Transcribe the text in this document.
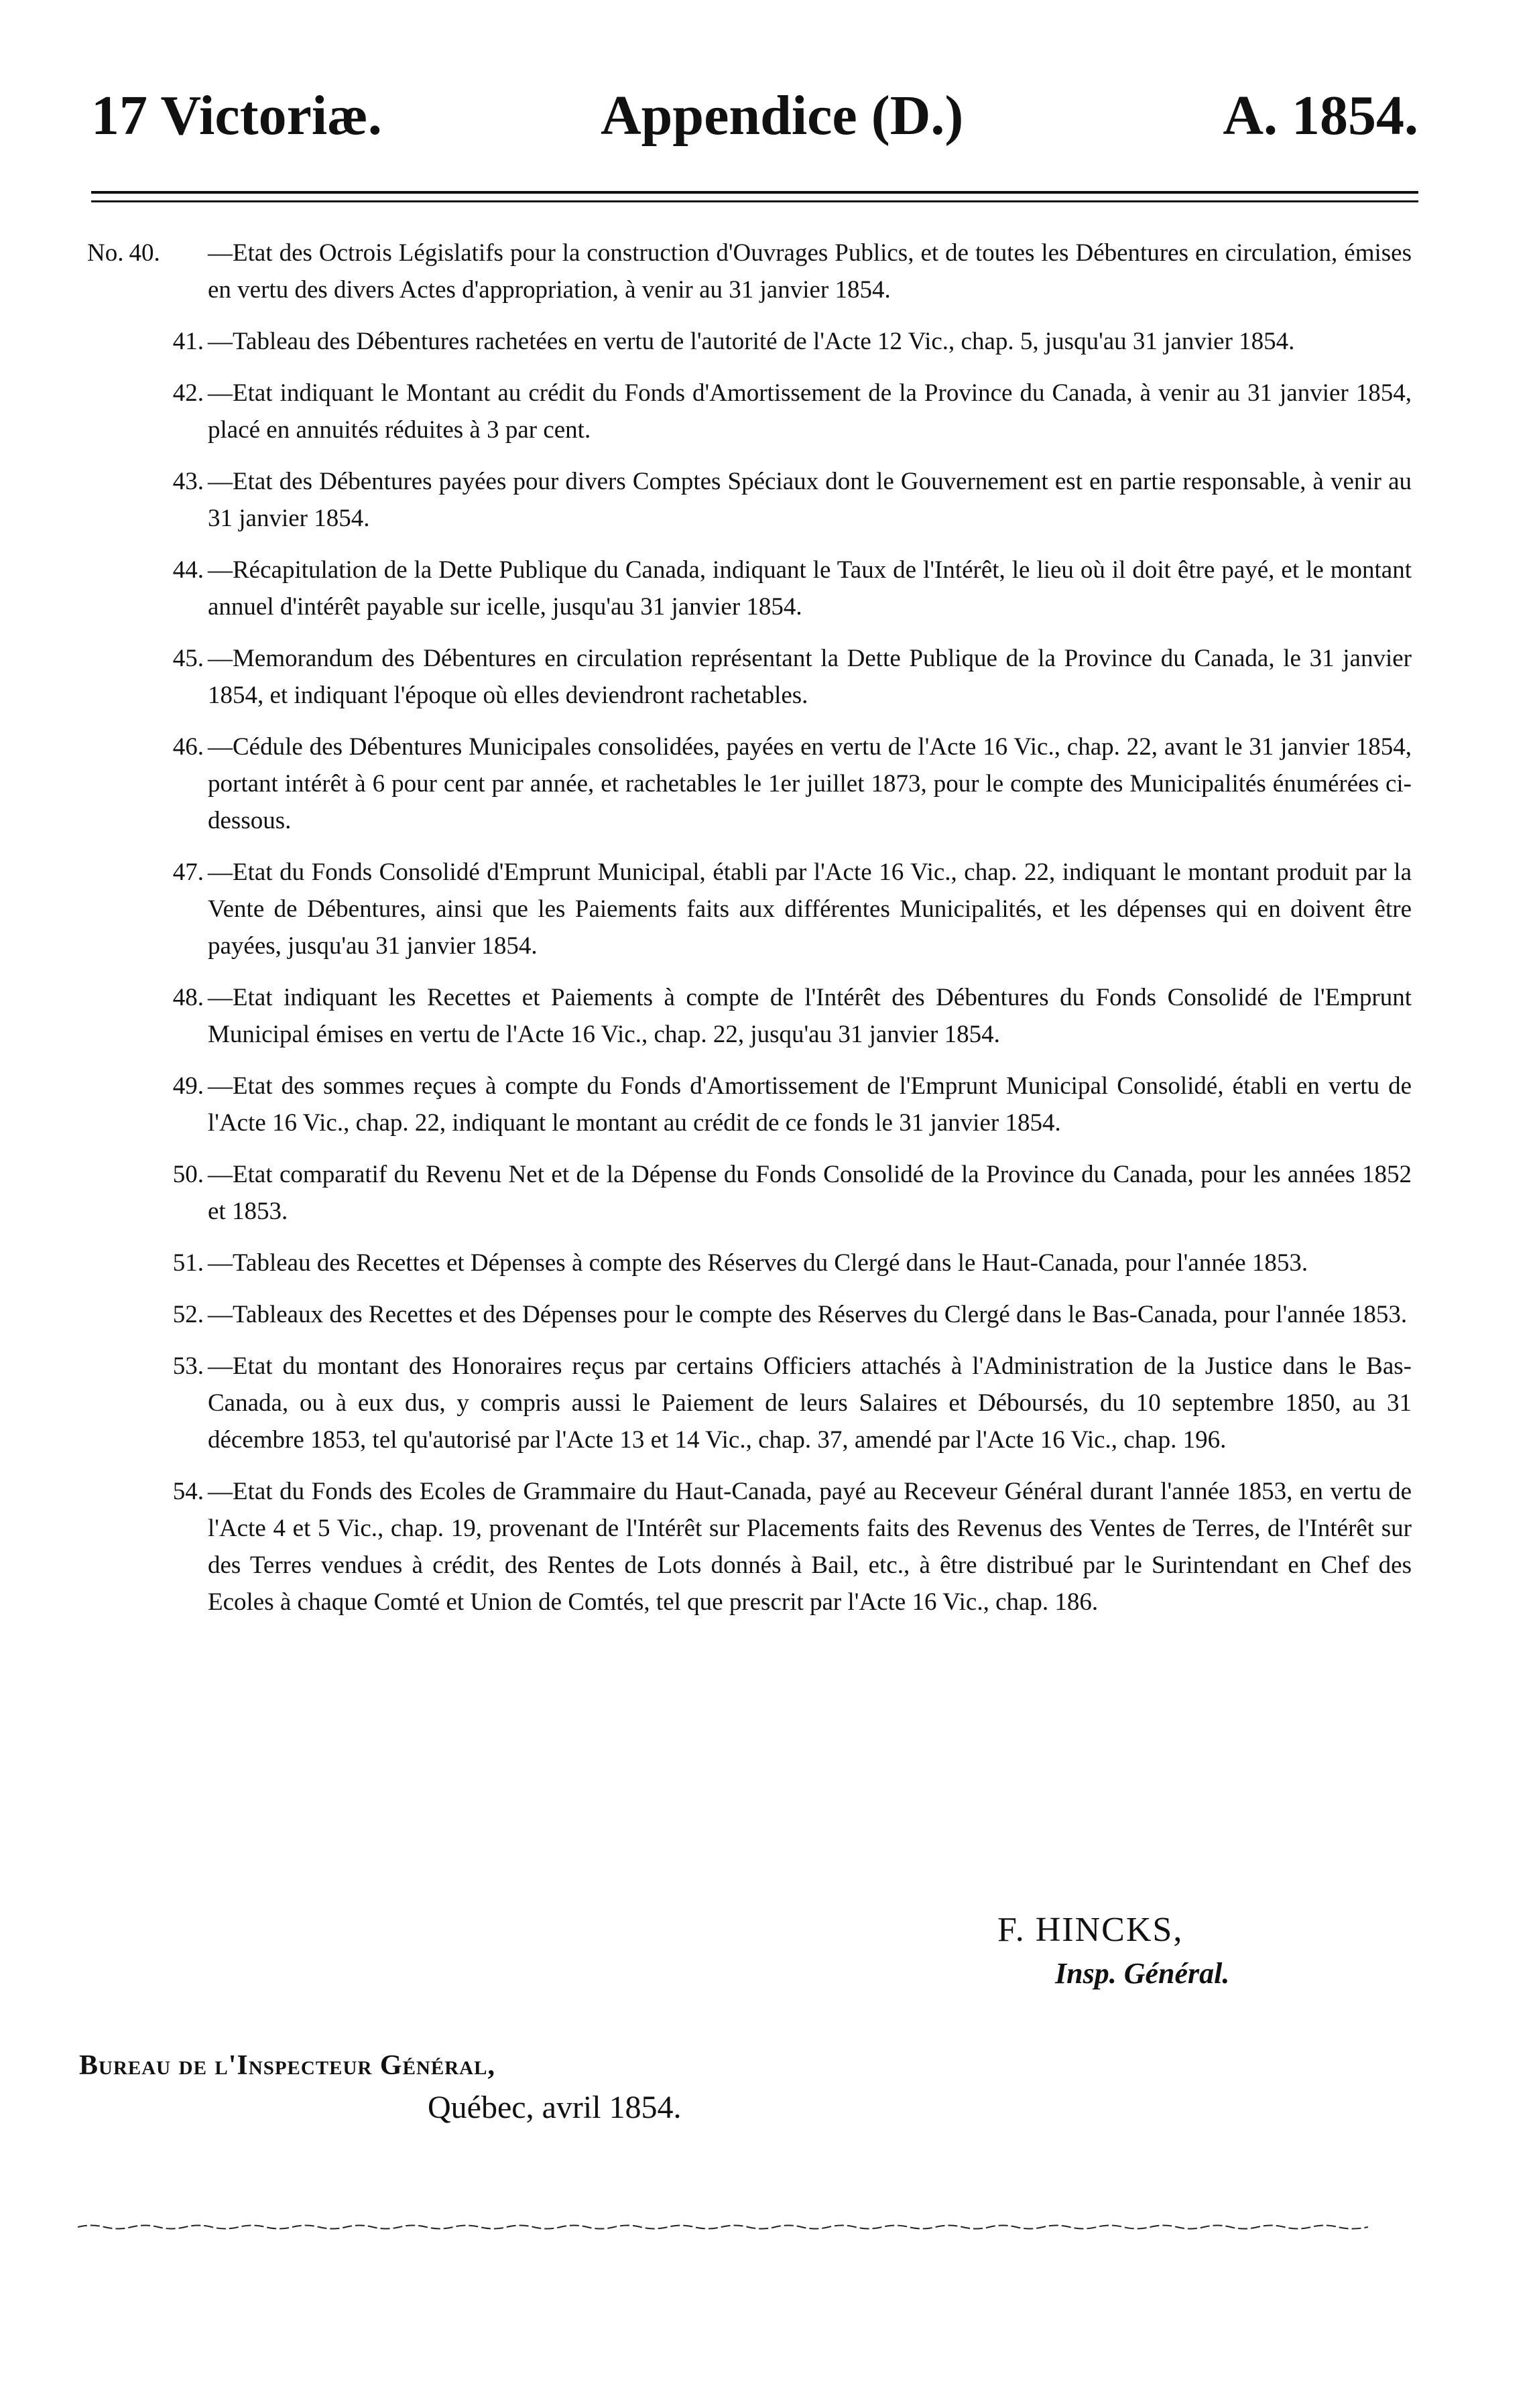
17 Victoriæ.	Appendice (D.)	A. 1854.
No. 40.	—Etat des Octrois Législatifs pour la construction d'Ouvrages Publics, et de toutes les Débentures en circulation, émises en vertu des divers Actes d'appropriation, à venir au 31 janvier 1854.
41. —Tableau des Débentures rachetées en vertu de l'autorité de l'Acte 12 Vic., chap. 5, jusqu'au 31 janvier 1854.
42. —Etat indiquant le Montant au crédit du Fonds d'Amortissement de la Province du Canada, à venir au 31 janvier 1854, placé en annuités réduites à 3 par cent.
43. —Etat des Débentures payées pour divers Comptes Spéciaux dont le Gouvernement est en partie responsable, à venir au 31 janvier 1854.
44. —Récapitulation de la Dette Publique du Canada, indiquant le Taux de l'Intérêt, le lieu où il doit être payé, et le montant annuel d'intérêt payable sur icelle, jusqu'au 31 janvier 1854.
45. —Memorandum des Débentures en circulation représentant la Dette Publique de la Province du Canada, le 31 janvier 1854, et indiquant l'époque où elles deviendront rachetables.
46. —Cédule des Débentures Municipales consolidées, payées en vertu de l'Acte 16 Vic., chap. 22, avant le 31 janvier 1854, portant intérêt à 6 pour cent par année, et rachetables le 1er juillet 1873, pour le compte des Municipalités énumérées ci-dessous.
47. —Etat du Fonds Consolidé d'Emprunt Municipal, établi par l'Acte 16 Vic., chap. 22, indiquant le montant produit par la Vente de Débentures, ainsi que les Paiements faits aux différentes Municipalités, et les dépenses qui en doivent être payées, jusqu'au 31 janvier 1854.
48. —Etat indiquant les Recettes et Paiements à compte de l'Intérêt des Débentures du Fonds Consolidé de l'Emprunt Municipal émises en vertu de l'Acte 16 Vic., chap. 22, jusqu'au 31 janvier 1854.
49. —Etat des sommes reçues à compte du Fonds d'Amortissement de l'Emprunt Municipal Consolidé, établi en vertu de l'Acte 16 Vic., chap. 22, indiquant le montant au crédit de ce fonds le 31 janvier 1854.
50. —Etat comparatif du Revenu Net et de la Dépense du Fonds Consolidé de la Province du Canada, pour les années 1852 et 1853.
51. —Tableau des Recettes et Dépenses à compte des Réserves du Clergé dans le Haut-Canada, pour l'année 1853.
52. —Tableaux des Recettes et des Dépenses pour le compte des Réserves du Clergé dans le Bas-Canada, pour l'année 1853.
53. —Etat du montant des Honoraires reçus par certains Officiers attachés à l'Administration de la Justice dans le Bas-Canada, ou à eux dus, y compris aussi le Paiement de leurs Salaires et Déboursés, du 10 septembre 1850, au 31 décembre 1853, tel qu'autorisé par l'Acte 13 et 14 Vic., chap. 37, amendé par l'Acte 16 Vic., chap. 196.
54. —Etat du Fonds des Ecoles de Grammaire du Haut-Canada, payé au Receveur Général durant l'année 1853, en vertu de l'Acte 4 et 5 Vic., chap. 19, provenant de l'Intérêt sur Placements faits des Revenus des Ventes de Terres, de l'Intérêt sur des Terres vendues à crédit, des Rentes de Lots donnés à Bail, etc., à être distribué par le Surintendant en Chef des Ecoles à chaque Comté et Union de Comtés, tel que prescrit par l'Acte 16 Vic., chap. 186.
F. HINCKS,
Insp. Général.
Bureau de l'Inspecteur Général,
Québec, avril 1854.
